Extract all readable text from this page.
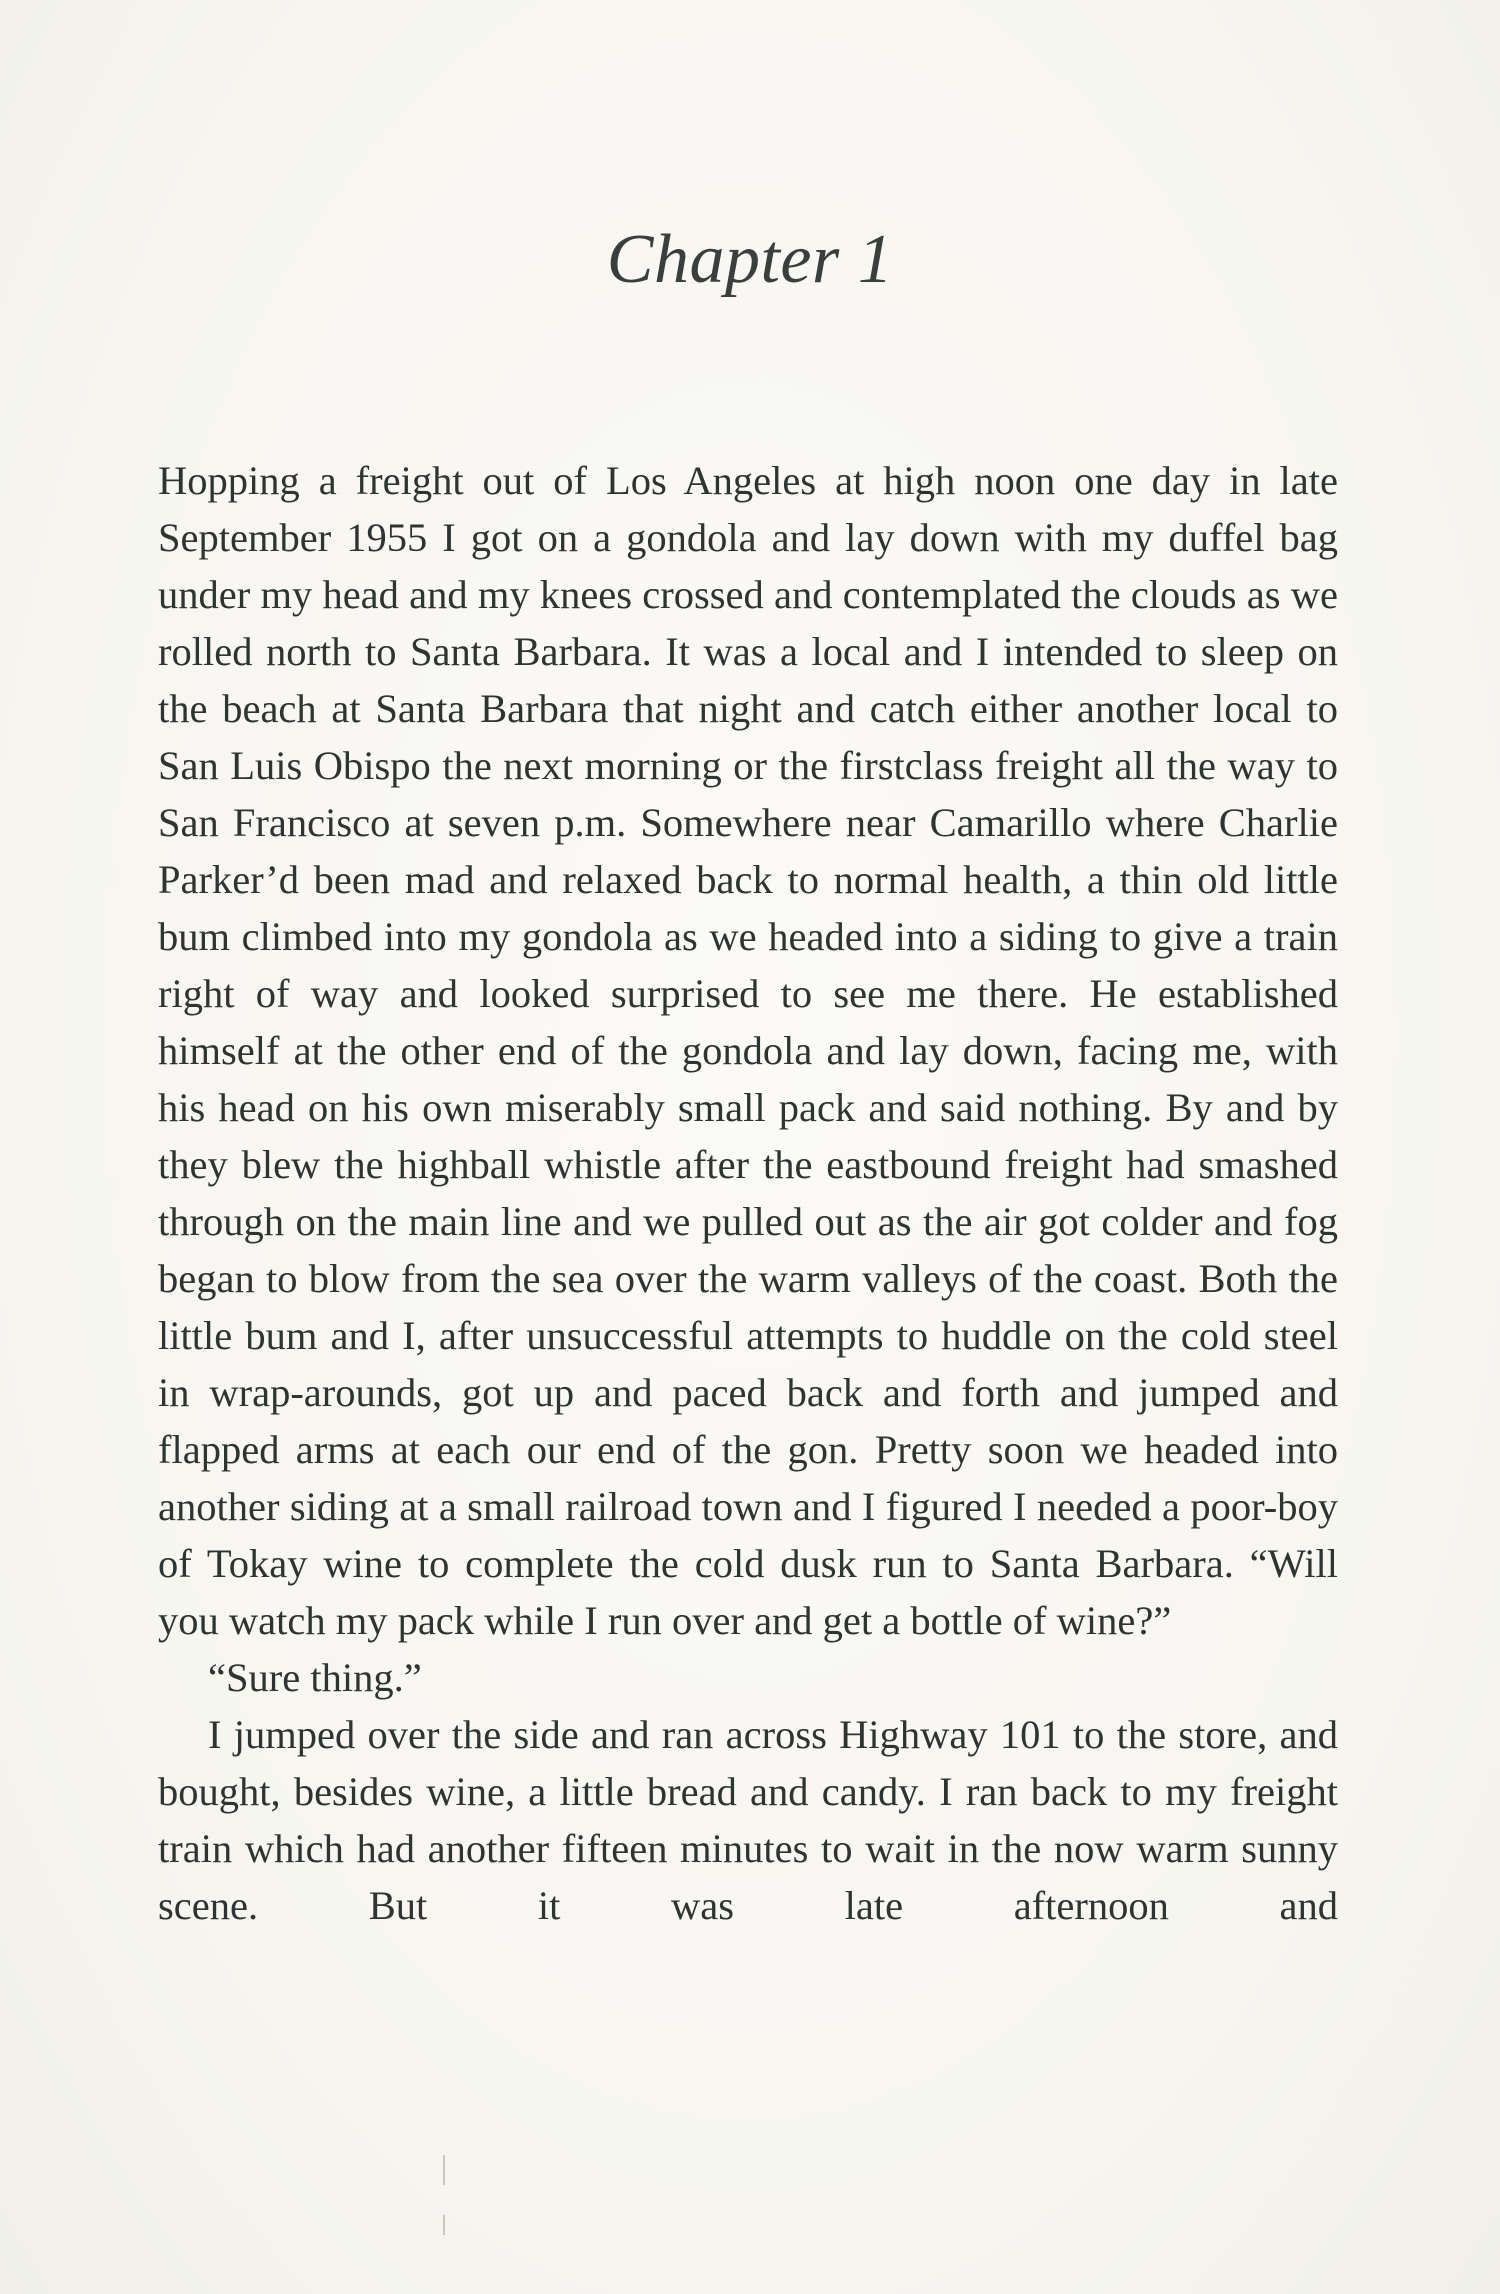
Chapter 1

Hopping a freight out of Los Angeles at high noon one day in late September 1955 I got on a gondola and lay down with my duffel bag under my head and my knees crossed and contemplated the clouds as we rolled north to Santa Barbara. It was a local and I intended to sleep on the beach at Santa Barbara that night and catch either another local to San Luis Obispo the next morning or the firstclass freight all the way to San Francisco at seven p.m. Somewhere near Camarillo where Charlie Parker’d been mad and relaxed back to normal health, a thin old little bum climbed into my gondola as we headed into a siding to give a train right of way and looked surprised to see me there. He established himself at the other end of the gondola and lay down, facing me, with his head on his own miserably small pack and said nothing. By and by they blew the highball whistle after the eastbound freight had smashed through on the main line and we pulled out as the air got colder and fog began to blow from the sea over the warm valleys of the coast. Both the little bum and I, after unsuccessful attempts to huddle on the cold steel in wrap-arounds, got up and paced back and forth and jumped and flapped arms at each our end of the gon. Pretty soon we headed into another siding at a small railroad town and I figured I needed a poor-boy of Tokay wine to complete the cold dusk run to Santa Barbara. “Will you watch my pack while I run over and get a bottle of wine?”

“Sure thing.”

I jumped over the side and ran across Highway 101 to the store, and bought, besides wine, a little bread and candy. I ran back to my freight train which had another fifteen minutes to wait in the now warm sunny scene. But it was late afternoon and
